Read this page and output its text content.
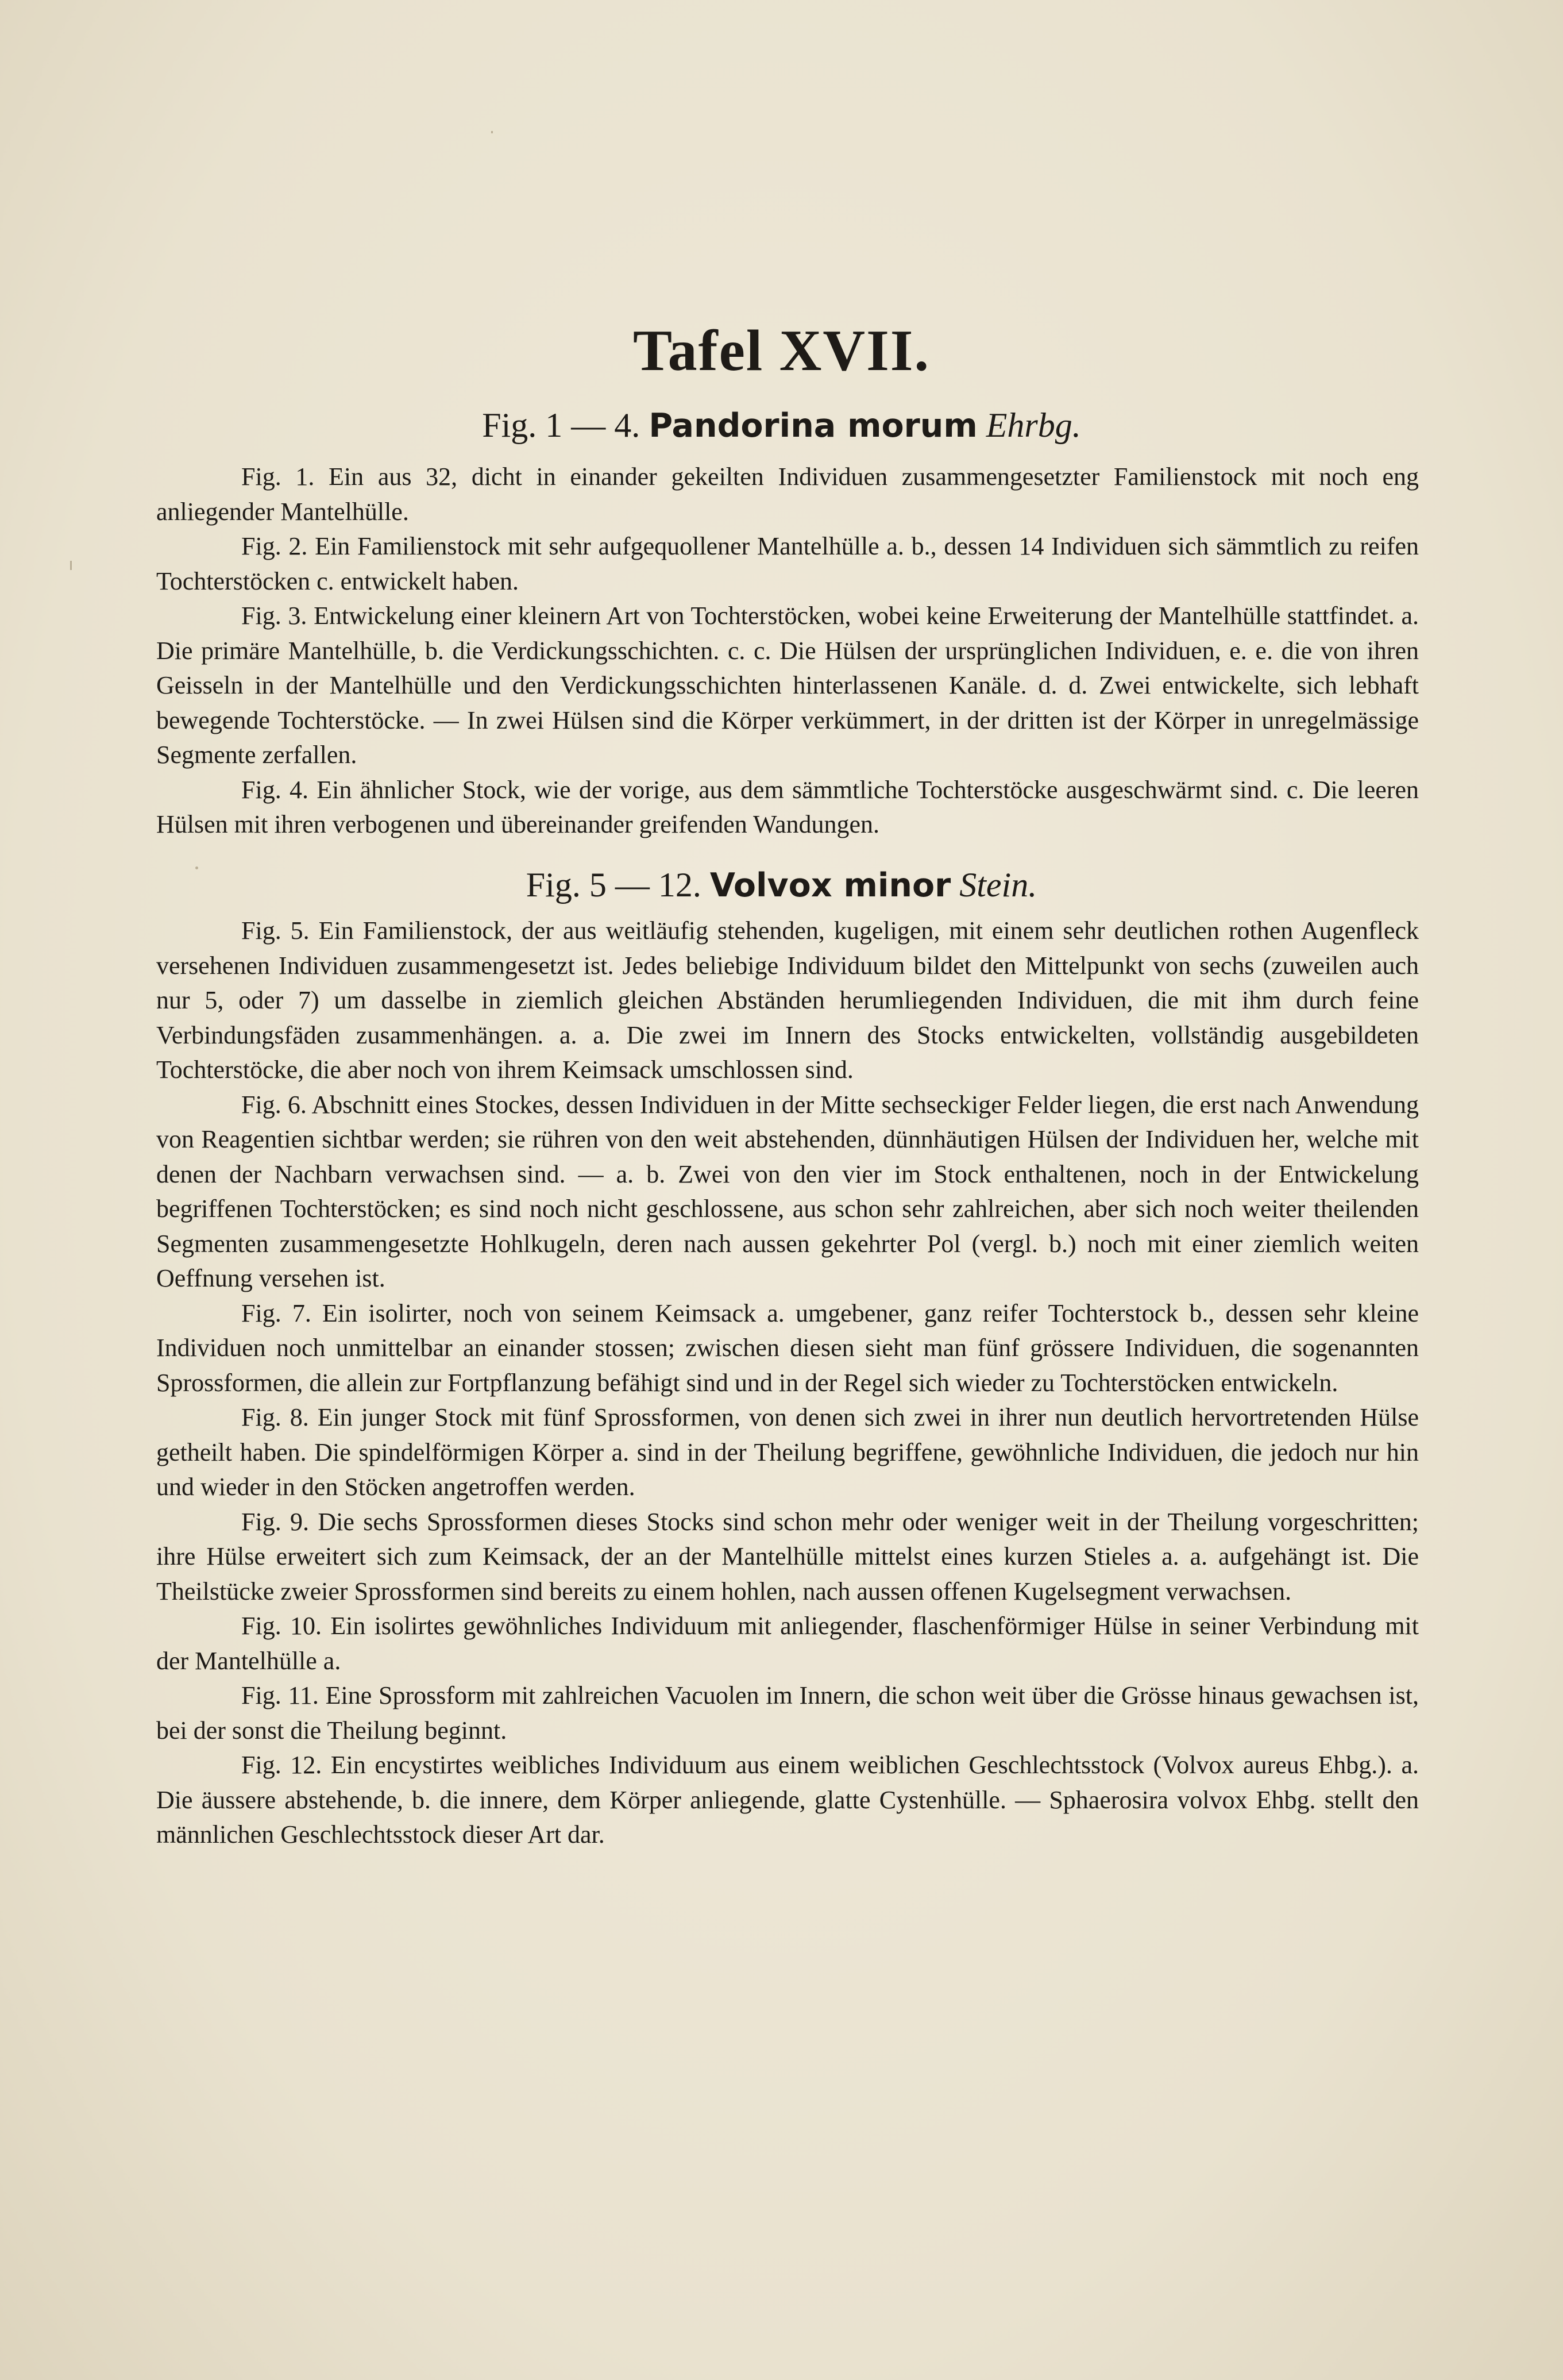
Tafel XVII.
Fig. 1 — 4. Pandorina morum Ehrbg.

Fig. 1. Ein aus 32, dicht in einander gekeilten Individuen zusammengesetzter Familienstock mit noch eng anliegender Mantelhülle.

Fig. 2. Ein Familienstock mit sehr aufgequollener Mantelhülle a. b., dessen 14 Individuen sich sämmtlich zu reifen Tochterstöcken c. entwickelt haben.

Fig. 3. Entwickelung einer kleinern Art von Tochterstöcken, wobei keine Erweiterung der Mantelhülle stattfindet. a. Die primäre Mantelhülle, b. die Verdickungsschichten. c. c. Die Hülsen der ursprünglichen Individuen, e. e. die von ihren Geisseln in der Mantelhülle und den Verdickungsschichten hinterlassenen Kanäle. d. d. Zwei entwickelte, sich lebhaft bewegende Tochterstöcke. — In zwei Hülsen sind die Körper verkümmert, in der dritten ist der Körper in unregelmässige Segmente zerfallen.

Fig. 4. Ein ähnlicher Stock, wie der vorige, aus dem sämmtliche Tochterstöcke ausgeschwärmt sind. c. Die leeren Hülsen mit ihren verbogenen und übereinander greifenden Wandungen.

Fig. 5 — 12. Volvox minor Stein.

Fig. 5. Ein Familienstock, der aus weitläufig stehenden, kugeligen, mit einem sehr deutlichen rothen Augenfleck versehenen Individuen zusammengesetzt ist. Jedes beliebige Individuum bildet den Mittelpunkt von sechs (zuweilen auch nur 5, oder 7) um dasselbe in ziemlich gleichen Abständen herumliegenden Individuen, die mit ihm durch feine Verbindungsfäden zusammenhängen. a. a. Die zwei im Innern des Stocks entwickelten, vollständig ausgebildeten Tochterstöcke, die aber noch von ihrem Keimsack umschlossen sind.

Fig. 6. Abschnitt eines Stockes, dessen Individuen in der Mitte sechseckiger Felder liegen, die erst nach Anwendung von Reagentien sichtbar werden; sie rühren von den weit abstehenden, dünnhäutigen Hülsen der Individuen her, welche mit denen der Nachbarn verwachsen sind. — a. b. Zwei von den vier im Stock enthaltenen, noch in der Entwickelung begriffenen Tochterstöcken; es sind noch nicht geschlossene, aus schon sehr zahlreichen, aber sich noch weiter theilenden Segmenten zusammengesetzte Hohlkugeln, deren nach aussen gekehrter Pol (vergl. b.) noch mit einer ziemlich weiten Oeffnung versehen ist.

Fig. 7. Ein isolirter, noch von seinem Keimsack a. umgebener, ganz reifer Tochterstock b., dessen sehr kleine Individuen noch unmittelbar an einander stossen; zwischen diesen sieht man fünf grössere Individuen, die sogenannten Sprossformen, die allein zur Fortpflanzung befähigt sind und in der Regel sich wieder zu Tochterstöcken entwickeln.

Fig. 8. Ein junger Stock mit fünf Sprossformen, von denen sich zwei in ihrer nun deutlich hervortretenden Hülse getheilt haben. Die spindelförmigen Körper a. sind in der Theilung begriffene, gewöhnliche Individuen, die jedoch nur hin und wieder in den Stöcken angetroffen werden.

Fig. 9. Die sechs Sprossformen dieses Stocks sind schon mehr oder weniger weit in der Theilung vorgeschritten; ihre Hülse erweitert sich zum Keimsack, der an der Mantelhülle mittelst eines kurzen Stieles a. a. aufgehängt ist. Die Theilstücke zweier Sprossformen sind bereits zu einem hohlen, nach aussen offenen Kugelsegment verwachsen.

Fig. 10. Ein isolirtes gewöhnliches Individuum mit anliegender, flaschenförmiger Hülse in seiner Verbindung mit der Mantelhülle a.

Fig. 11. Eine Sprossform mit zahlreichen Vacuolen im Innern, die schon weit über die Grösse hinaus gewachsen ist, bei der sonst die Theilung beginnt.

Fig. 12. Ein encystirtes weibliches Individuum aus einem weiblichen Geschlechtsstock (Volvox aureus Ehbg.). a. Die äussere abstehende, b. die innere, dem Körper anliegende, glatte Cystenhülle. — Sphaerosira volvox Ehbg. stellt den männlichen Geschlechtsstock dieser Art dar.
